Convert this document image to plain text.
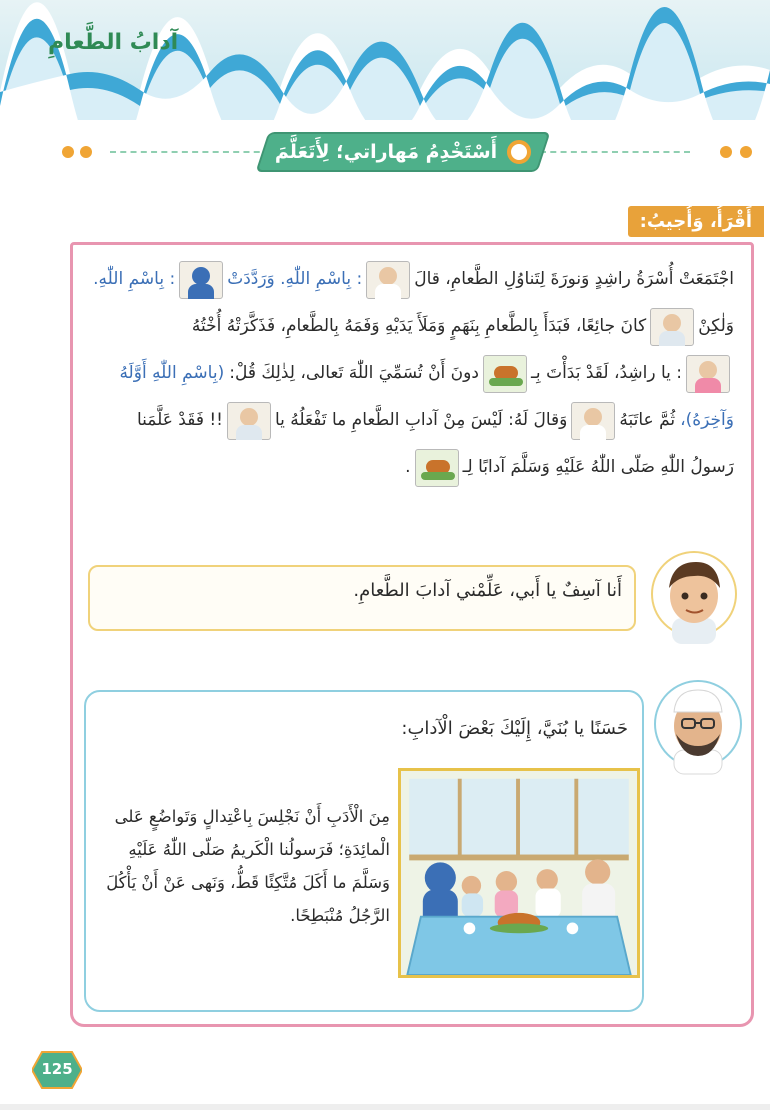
آدابُ الطَّعامِ
أَسْتَخْدِمُ مَهاراتي؛ لِأَتَعَلَّمَ
أَقْرَأُ، وَأُجيبُ:
اجْتَمَعَتْ أُسْرَةُ راشِدٍ وَنورَةَ لِتَناوُلِ الطَّعامِ، قالَ
: بِاسْمِ اللّٰهِ. وَرَدَّدَتْ
: بِاسْمِ اللّٰهِ.
وَلٰكِنْ
كانَ جائِعًا، فَبَدَأَ بِالطَّعامِ بِنَهَمٍ وَمَلَأَ يَدَيْهِ وَفَمَهُ بِالطَّعامِ، فَذَكَّرَتْهُ أُخْتُهُ
: يا راشِدُ، لَقَدْ بَدَأْتَ بِـ
دونَ أَنْ تُسَمِّيَ اللّٰهَ تَعالى، لِذٰلِكَ قُلْ:
(بِاسْمِ اللّٰهِ أَوَّلَهُ
وَآخِرَهُ)،
ثُمَّ عاتَبَهُ
وَقالَ لَهُ: لَيْسَ مِنْ آدابِ الطَّعامِ ما تَفْعَلُهُ يا
!! فَقَدْ عَلَّمَنا
رَسولُ اللّٰهِ صَلّى اللّٰهُ عَلَيْهِ وَسَلَّمَ آدابًا لِـ
.
أَنا آسِفٌ يا أَبي، عَلِّمْني آدابَ الطَّعامِ.
حَسَنًا يا بُنَيَّ، إِلَيْكَ بَعْضَ الْآدابِ:
مِنَ الْأَدَبِ أَنْ نَجْلِسَ بِاعْتِدالٍ وَتَواضُعٍ عَلى الْمائِدَةِ؛ فَرَسولُنا الْكَريمُ صَلّى اللّٰهُ عَلَيْهِ وَسَلَّمَ ما أَكَلَ مُتَّكِئًا قَطُّ، وَنَهى عَنْ أَنْ يَأْكُلَ الرَّجُلُ مُنْبَطِحًا.
125
